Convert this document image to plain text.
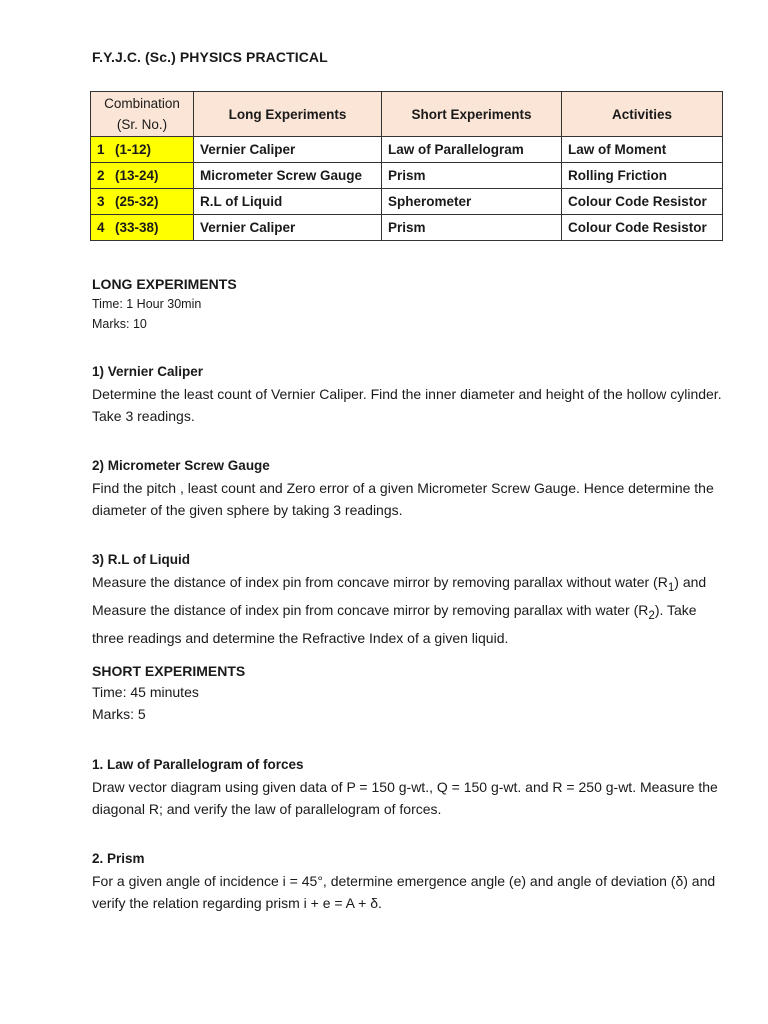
F.Y.J.C. (Sc.) PHYSICS PRACTICAL
Combination
(Sr. No.)	Long Experiments	Short Experiments	Activities
1 (1-12)	Vernier Caliper	Law of Parallelogram	Law of Moment
2 (13-24)	Micrometer Screw Gauge	Prism	Rolling Friction
3 (25-32)	R.L of Liquid	Spherometer	Colour Code Resistor
4 (33-38)	Vernier Caliper	Prism	Colour Code Resistor

LONG EXPERIMENTS

Time: 1 Hour 30min

Marks: 10

1) Vernier Caliper

Determine the least count of Vernier Caliper. Find the inner diameter and height of the hollow cylinder. Take 3 readings.

2) Micrometer Screw Gauge

Find the pitch , least count and Zero error of a given Micrometer Screw Gauge. Hence determine the diameter of the given sphere by taking 3 readings.

3) R.L of Liquid

Measure the distance of index pin from concave mirror by removing parallax without water $(R_1)$ and Measure the distance of index pin from concave mirror by removing parallax with water $(R_2)$. Take three readings and determine the Refractive Index of a given liquid.

SHORT EXPERIMENTS

Time: 45 minutes

Marks: 5

1. Law of Parallelogram of forces

Draw vector diagram using given data of P = 150 g-wt., Q = 150 g-wt. and R = 250 g-wt. Measure the diagonal R; and verify the law of parallelogram of forces.

2. Prism

For a given angle of incidence i = 45°, determine emergence angle (e) and angle of deviation (δ) and verify the relation regarding prism i + e = A + δ.
